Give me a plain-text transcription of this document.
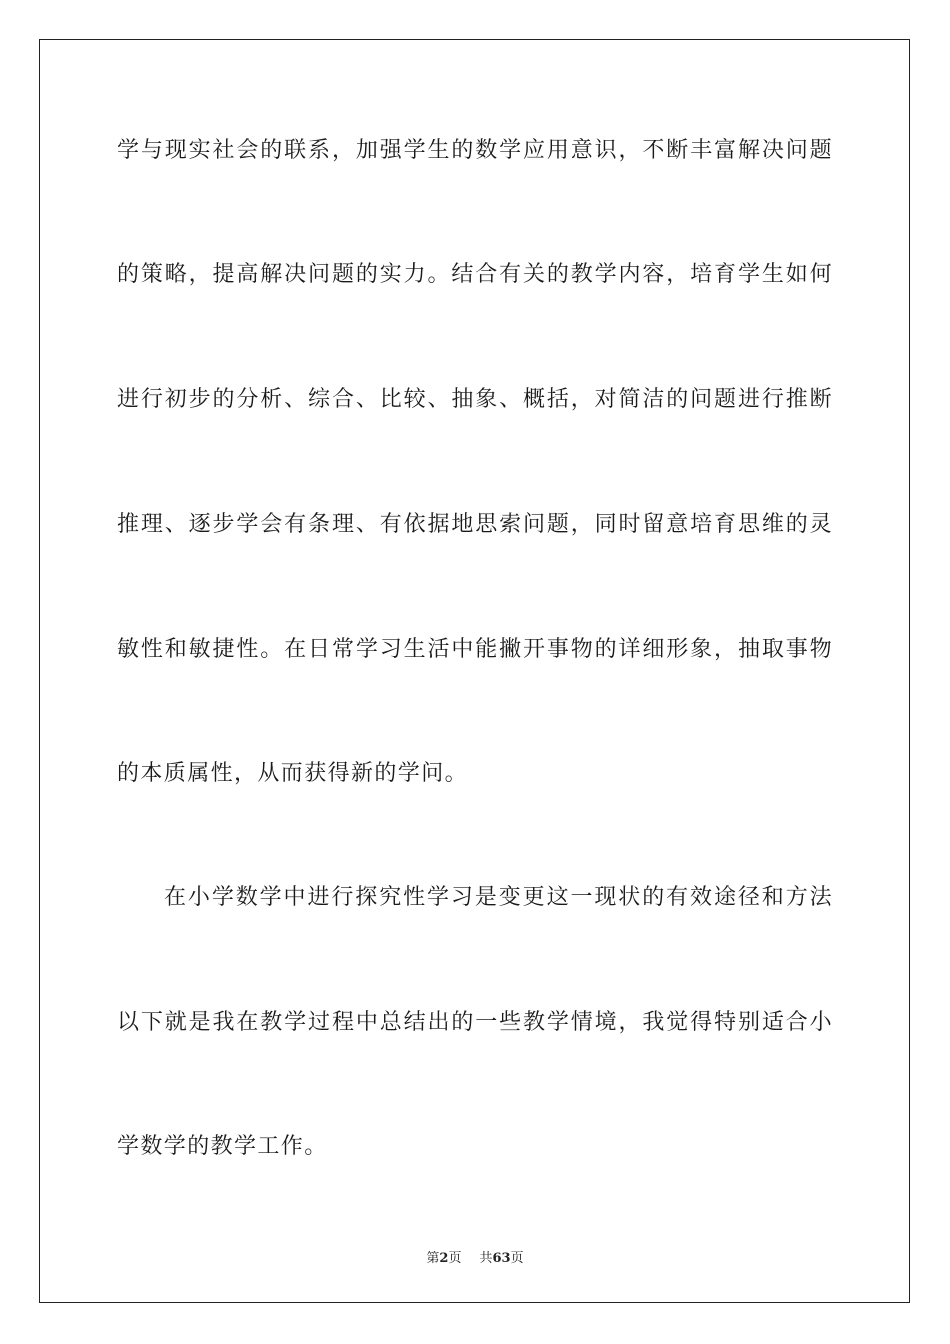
学与现实社会的联系，加强学生的数学应用意识，不断丰富解决问题
的策略，提高解决问题的实力。结合有关的教学内容，培育学生如何
进行初步的分析、综合、比较、抽象、概括，对简洁的问题进行推断
推理、逐步学会有条理、有依据地思索问题，同时留意培育思维的灵
敏性和敏捷性。在日常学习生活中能撇开事物的详细形象，抽取事物
的本质属性，从而获得新的学问。
在小学数学中进行探究性学习是变更这一现状的有效途径和方法
以下就是我在教学过程中总结出的一些教学情境，我觉得特别适合小
学数学的教学工作。
第2页 共63页
